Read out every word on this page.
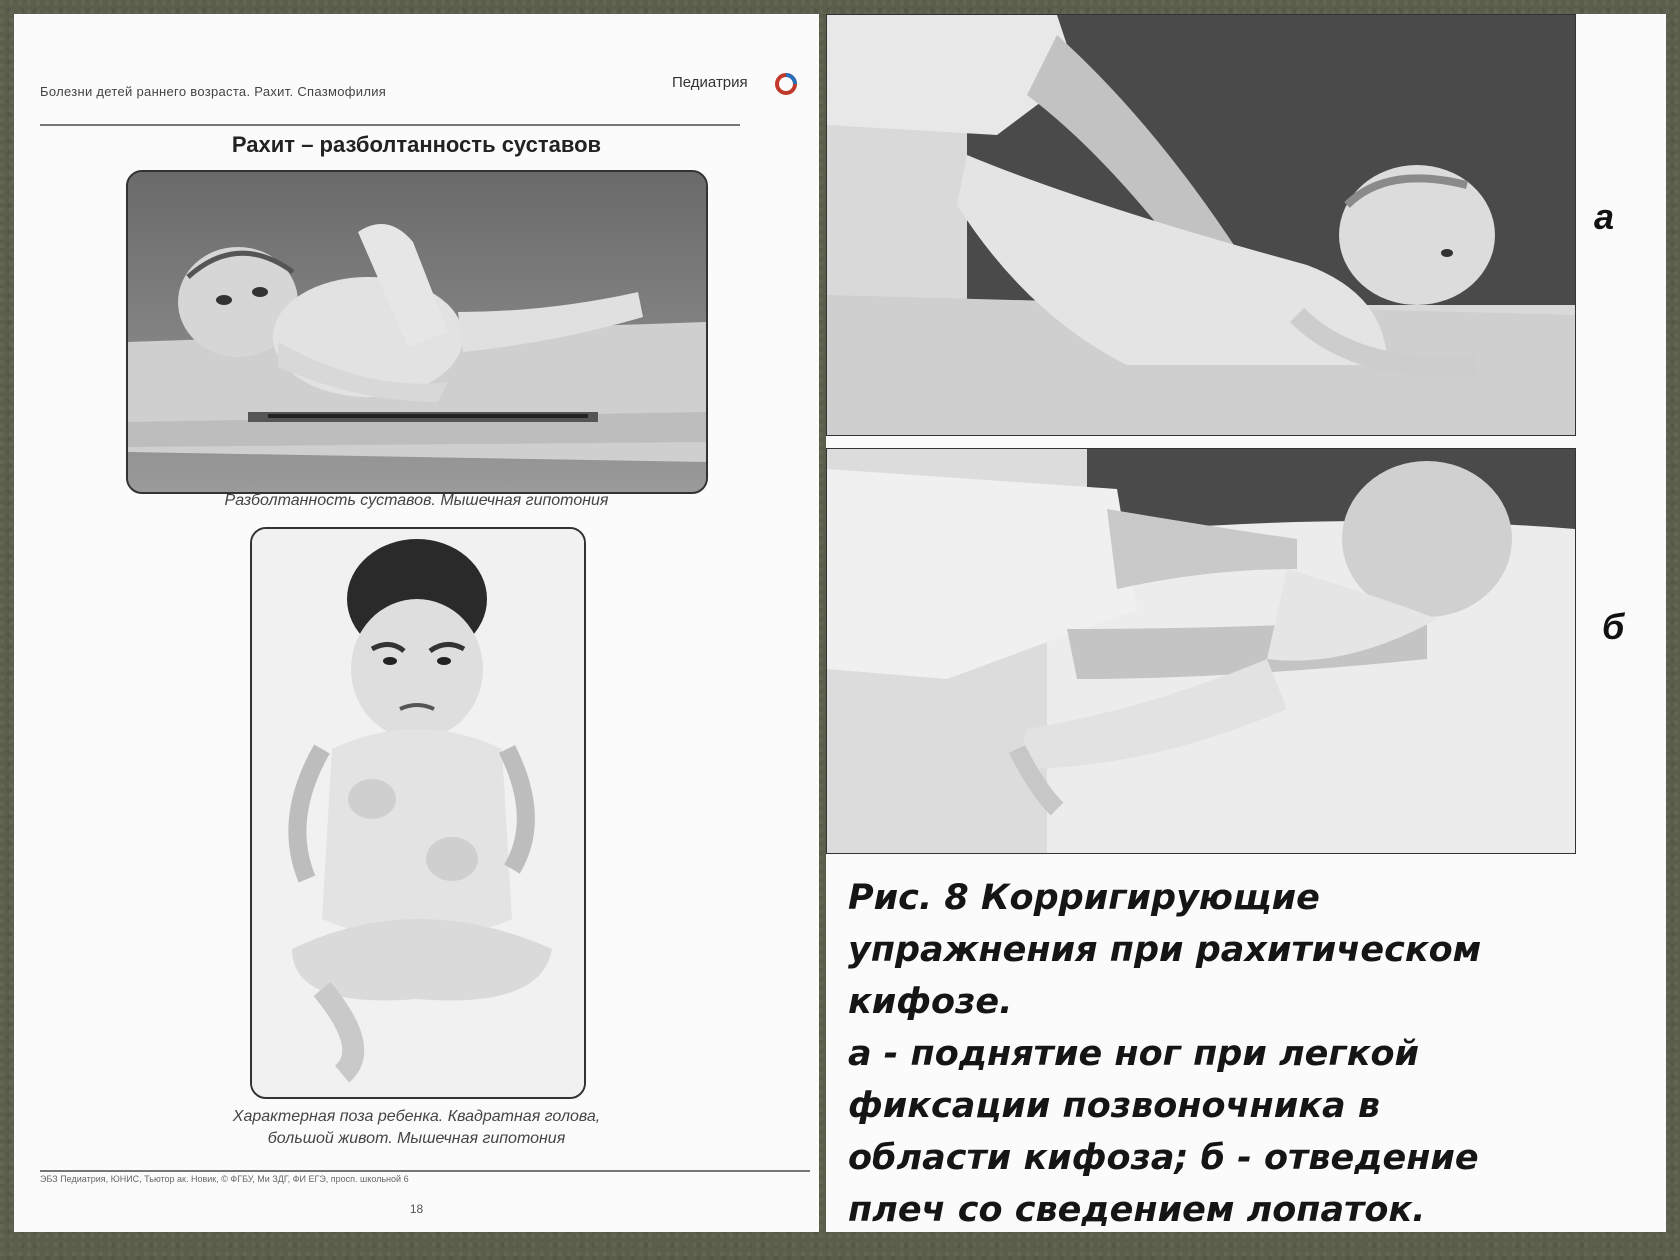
Болезни детей раннего возраста. Рахит. Спазмофилия
Педиатрия
Рахит – разболтанность суставов
Разболтанность суставов. Мышечная гипотония
Характерная поза ребенка. Квадратная голова,
большой живот. Мышечная гипотония
ЭБЗ Педиатрия, ЮНИС, Тьютор ак. Новик, © ФГБУ, Ми ЗДГ, ФИ ЕГЭ, просп. школьной 6
18
а
б
Рис. 8 Корригирующие
упражнения при рахитическом
кифозе.
а - поднятие ног при легкой
фиксации позвоночника в
области кифоза; б - отведение
плеч со сведением лопаток.
